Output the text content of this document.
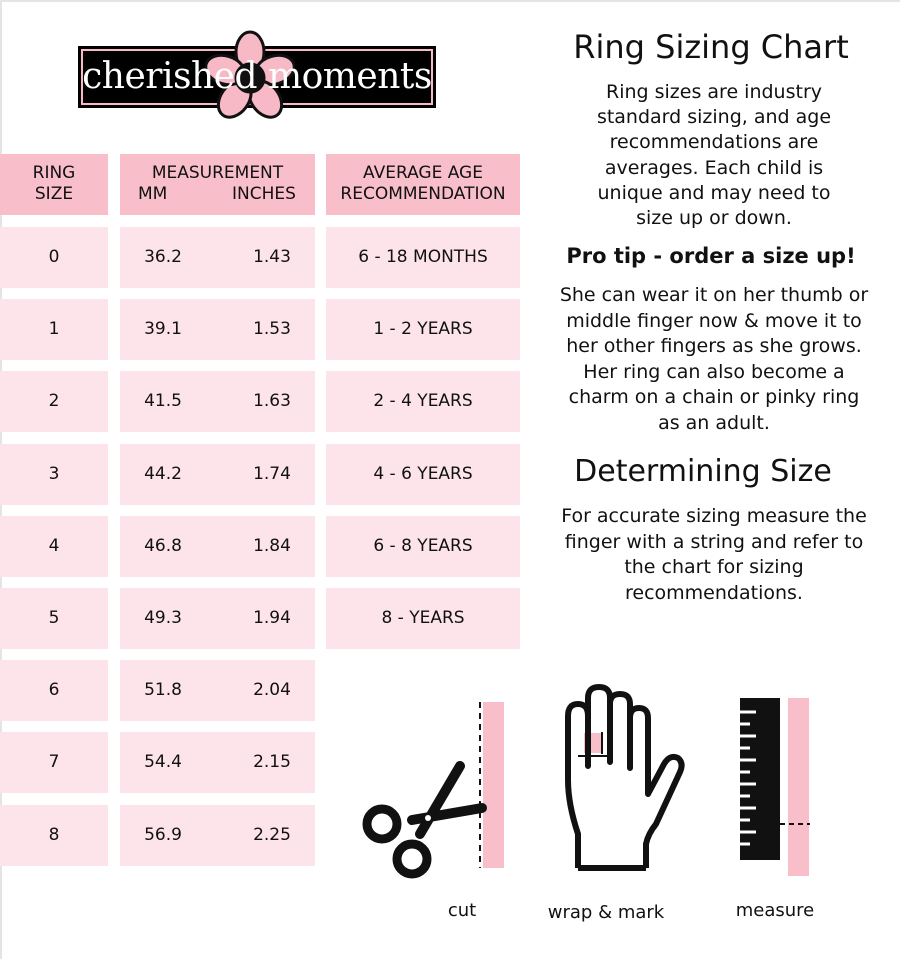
cherished moments
RING
SIZE
MEASUREMENT
MM	INCHES
AVERAGE AGE
RECOMMENDATION
0	36.2	1.43	6 - 18 MONTHS
1	39.1	1.53	1 - 2 YEARS
2	41.5	1.63	2 - 4 YEARS
3	44.2	1.74	4 - 6 YEARS
4	46.8	1.84	6 - 8 YEARS
5	49.3	1.94	8 - YEARS
6	51.8	2.04
7	54.4	2.15
8	56.9	2.25
Ring Sizing Chart
Ring sizes are industry
standard sizing, and age
recommendations are
averages. Each child is
unique and may need to
size up or down.
Pro tip - order a size up!
She can wear it on her thumb or
middle finger now & move it to
her other fingers as she grows.
Her ring can also become a
charm on a chain or pinky ring
as an adult.
Determining Size
For accurate sizing measure the
finger with a string and refer to
the chart for sizing
recommendations.
cut	wrap & mark	measure
